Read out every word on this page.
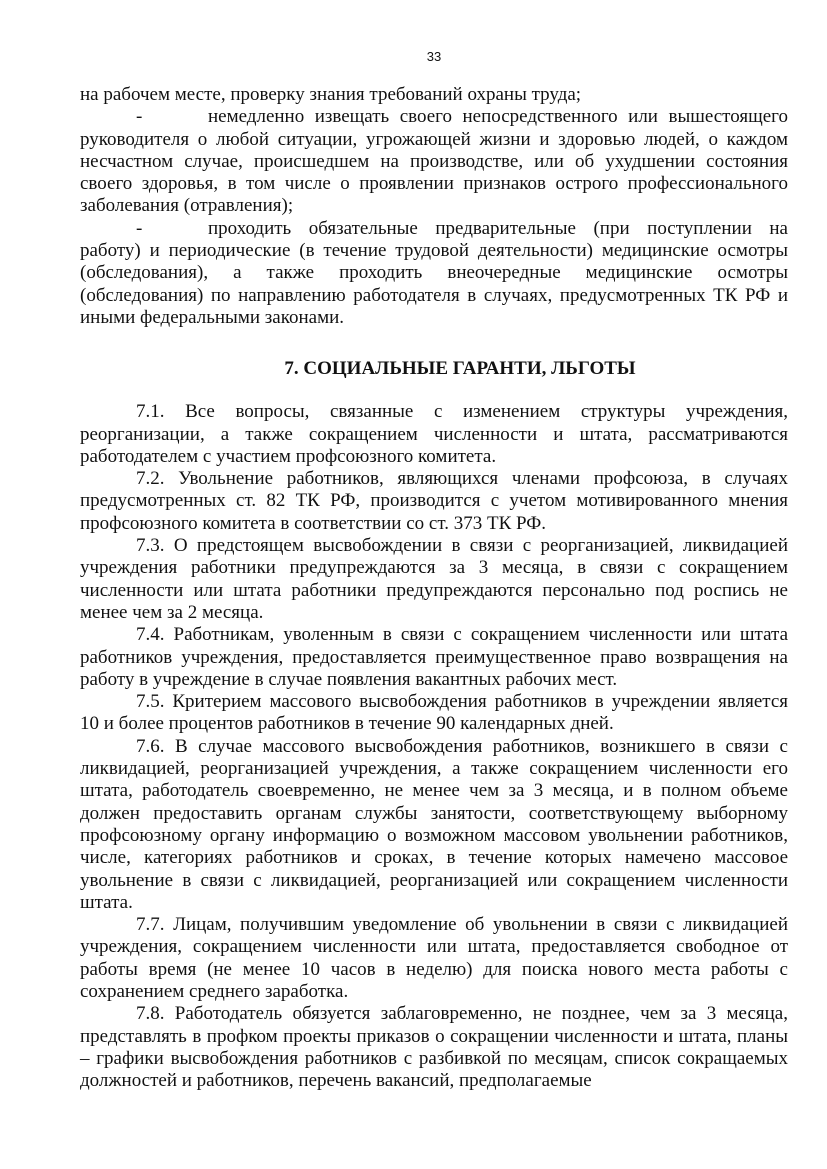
33

на рабочем месте, проверку знания требований охраны труда;

-	немедленно извещать своего непосредственного или вышестоящего руководителя о любой ситуации, угрожающей жизни и здоровью людей, о каждом несчастном случае, происшедшем на производстве, или об ухудшении состояния своего здоровья, в том числе о проявлении признаков острого профессионального заболевания (отравления);

-	проходить обязательные предварительные (при поступлении на работу) и периодические (в течение трудовой деятельности) медицинские осмотры (обследования), а также проходить внеочередные медицинские осмотры (обследования) по направлению работодателя в случаях, предусмотренных ТК РФ и иными федеральными законами.

7. СОЦИАЛЬНЫЕ ГАРАНТИ, ЛЬГОТЫ

7.1. Все вопросы, связанные с изменением структуры учреждения, реорганизации, а также сокращением численности и штата, рассматриваются работодателем с участием профсоюзного комитета.

7.2. Увольнение работников, являющихся членами профсоюза, в случаях предусмотренных ст. 82 ТК РФ, производится с учетом мотивированного мнения профсоюзного комитета в соответствии со ст. 373 ТК РФ.

7.3. О предстоящем высвобождении в связи с реорганизацией, ликвидацией учреждения работники предупреждаются за 3 месяца, в связи с сокращением численности или штата работники предупреждаются персонально под роспись не менее чем за 2 месяца.

7.4. Работникам, уволенным в связи с сокращением численности или штата работников учреждения, предоставляется преимущественное право возвращения на работу в учреждение в случае появления вакантных рабочих мест.

7.5. Критерием массового высвобождения работников в учреждении является 10 и более процентов работников в течение 90 календарных дней.

7.6. В случае массового высвобождения работников, возникшего в связи с ликвидацией, реорганизацией учреждения, а также сокращением численности его штата, работодатель своевременно, не менее чем за 3 месяца, и в полном объеме должен предоставить органам службы занятости, соответствующему выборному профсоюзному органу информацию о возможном массовом увольнении работников, числе, категориях работников и сроках, в течение которых намечено массовое увольнение в связи с ликвидацией, реорганизацией или сокращением численности штата.

7.7. Лицам, получившим уведомление об увольнении в связи с ликвидацией учреждения, сокращением численности или штата, предоставляется свободное от работы время (не менее 10 часов в неделю) для поиска нового места работы с сохранением среднего заработка.

7.8. Работодатель обязуется заблаговременно, не позднее, чем за 3 месяца, представлять в профком проекты приказов о сокращении численности и штата, планы – графики высвобождения работников с разбивкой по месяцам, список сокращаемых должностей и работников, перечень вакансий, предполагаемые
